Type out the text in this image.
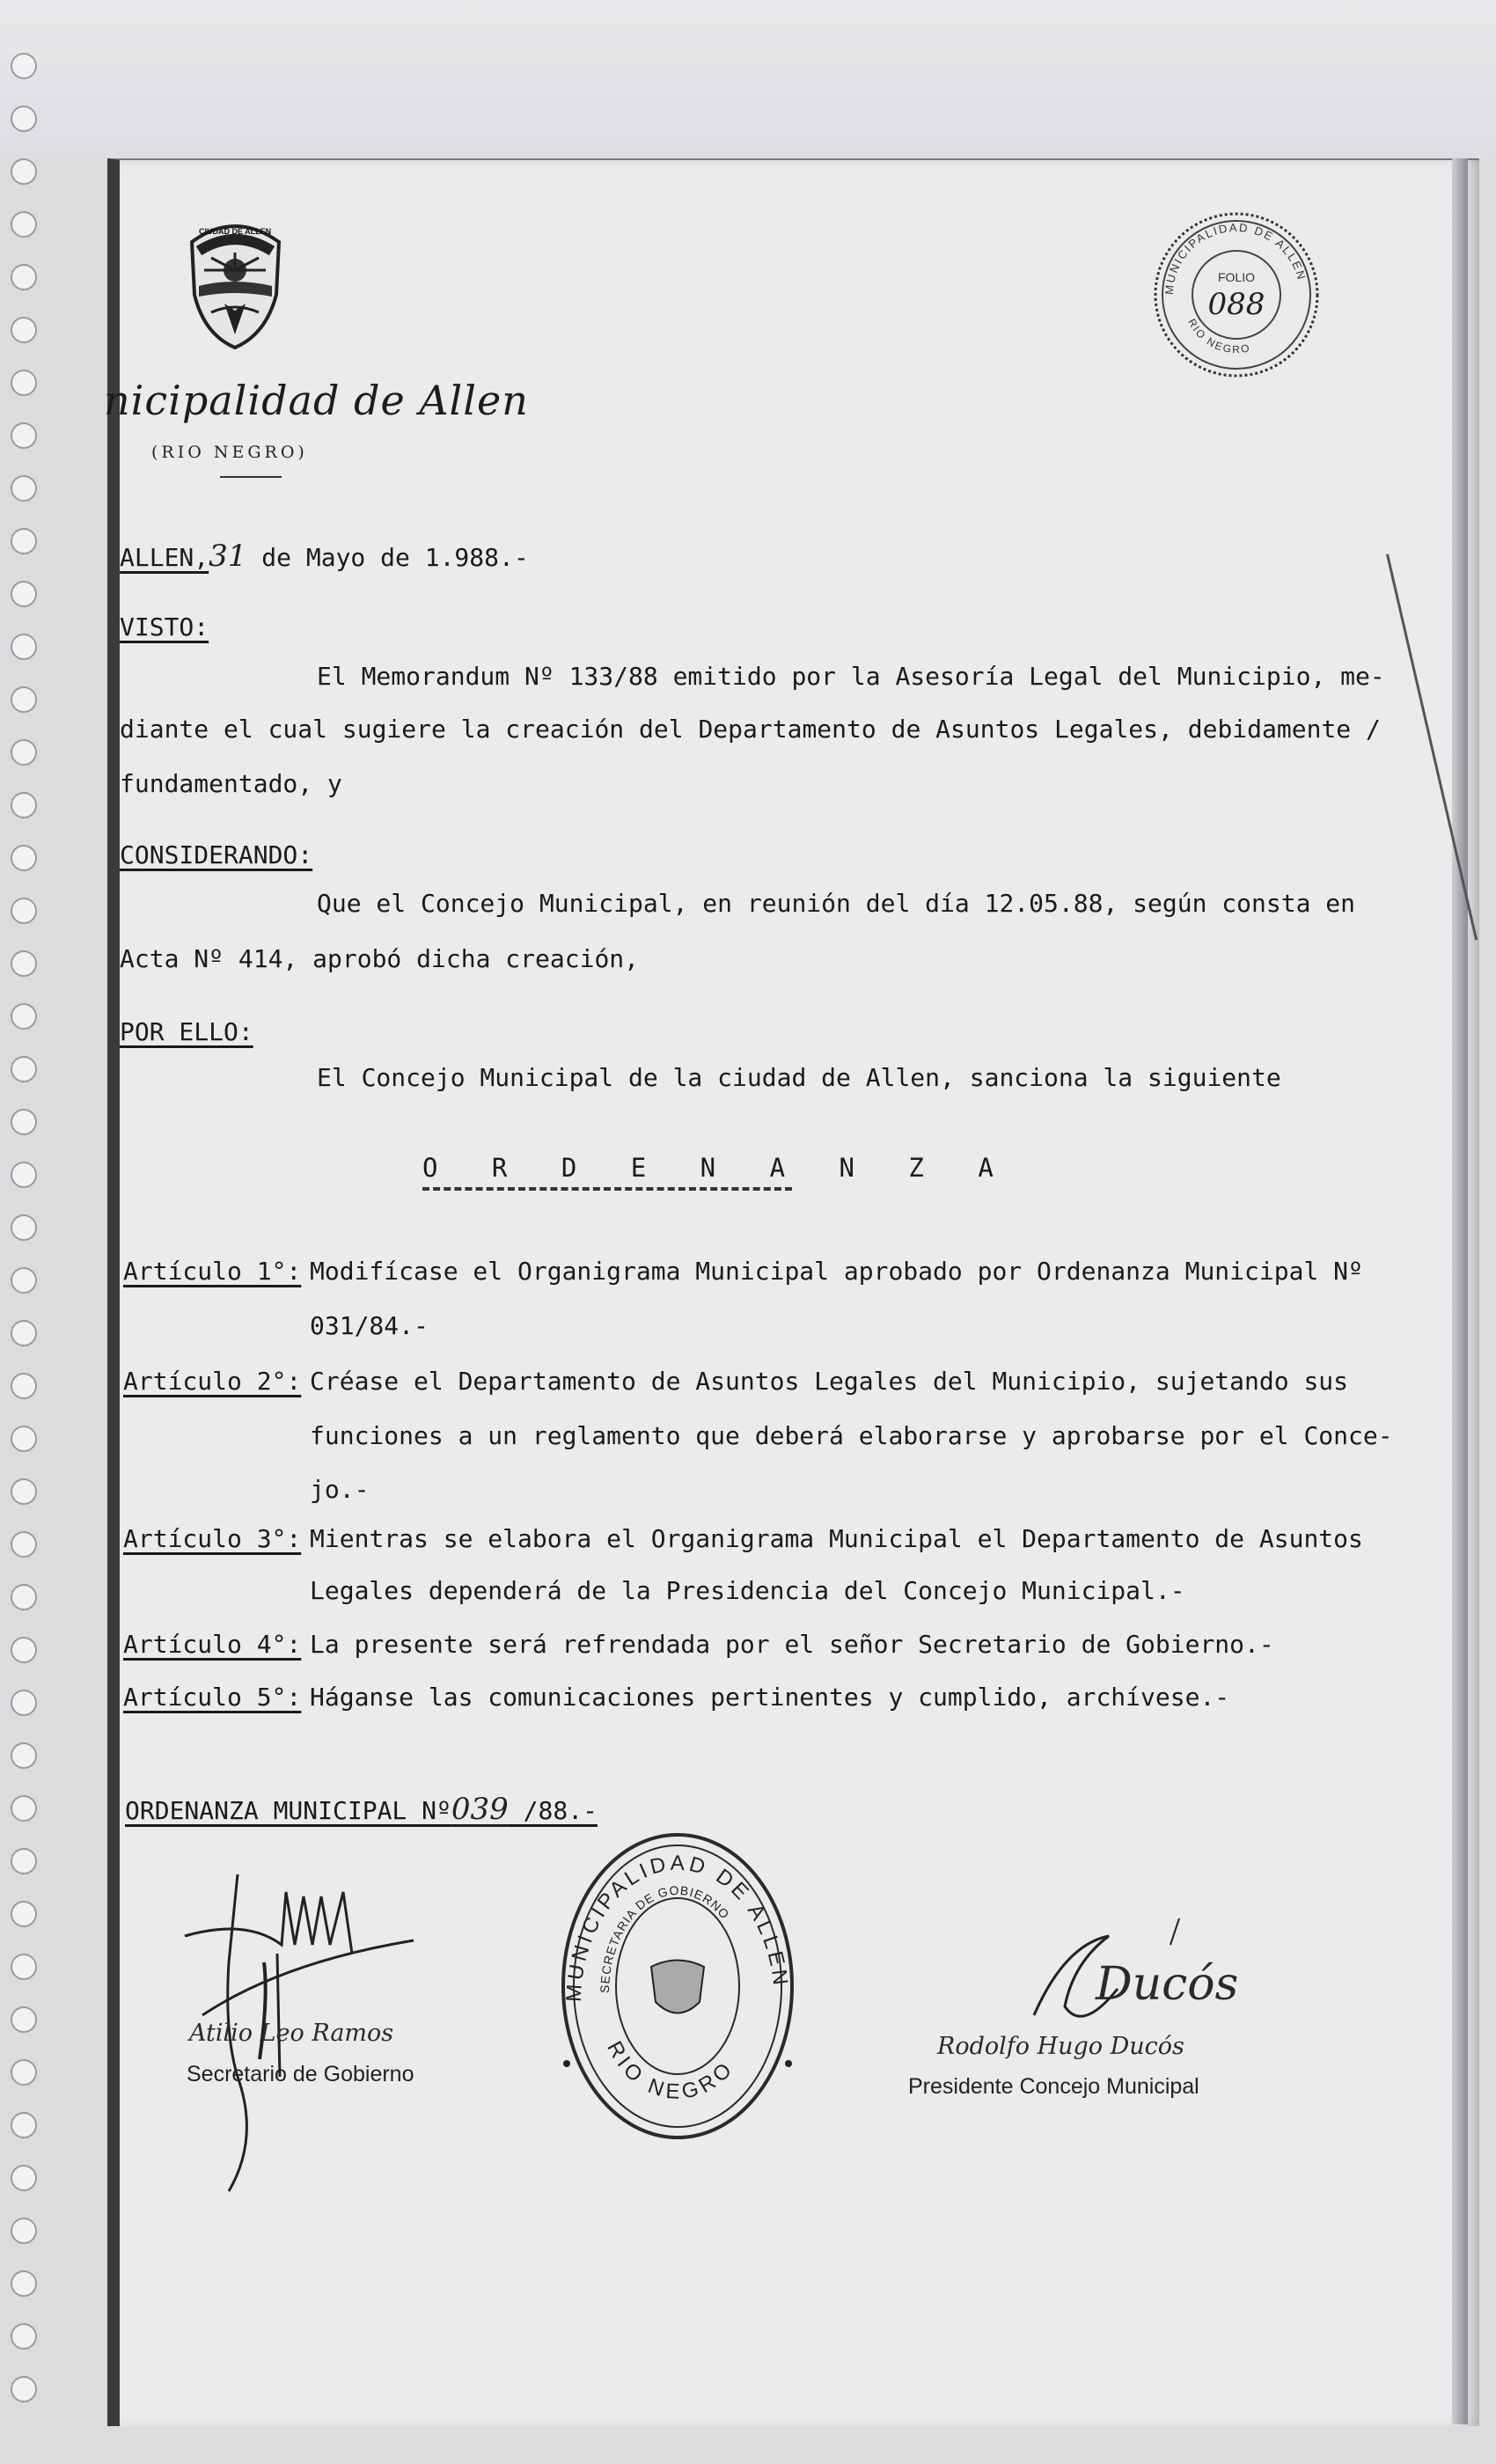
CIUDAD DE ALLEN
nicipalidad de Allen
(RIO NEGRO)
MUNICIPALIDAD DE ALLEN
RIO NEGRO
FOLIO
088
ALLEN,31 de Mayo de 1.988.-
VISTO:
El Memorandum Nº 133/88 emitido por la Asesoría Legal del Municipio, me-
diante el cual sugiere la creación del Departamento de Asuntos Legales, debidamente /
fundamentado, y
CONSIDERANDO:
Que el Concejo Municipal, en reunión del día 12.05.88, según consta en
Acta Nº 414, aprobó dicha creación,
POR ELLO:
El Concejo Municipal de la ciudad de Allen, sanciona la siguiente
O R D E N A N Z A
Artículo 1°: Modifícase el Organigrama Municipal aprobado por Ordenanza Municipal Nº
031/84.-
Artículo 2°: Créase el Departamento de Asuntos Legales del Municipio, sujetando sus
funciones a un reglamento que deberá elaborarse y aprobarse por el Conce-
jo.-
Artículo 3°: Mientras se elabora el Organigrama Municipal el Departamento de Asuntos
Legales dependerá de la Presidencia del Concejo Municipal.-
Artículo 4°: La presente será refrendada por el señor Secretario de Gobierno.-
Artículo 5°: Háganse las comunicaciones pertinentes y cumplido, archívese.-
ORDENANZA MUNICIPAL Nº039 /88.-
Atilio Leo Ramos
Secretario de Gobierno
MUNICIPALIDAD DE ALLEN
SECRETARIA DE GOBIERNO
RIO NEGRO
Ducós
Rodolfo Hugo Ducós
Presidente Concejo Municipal
